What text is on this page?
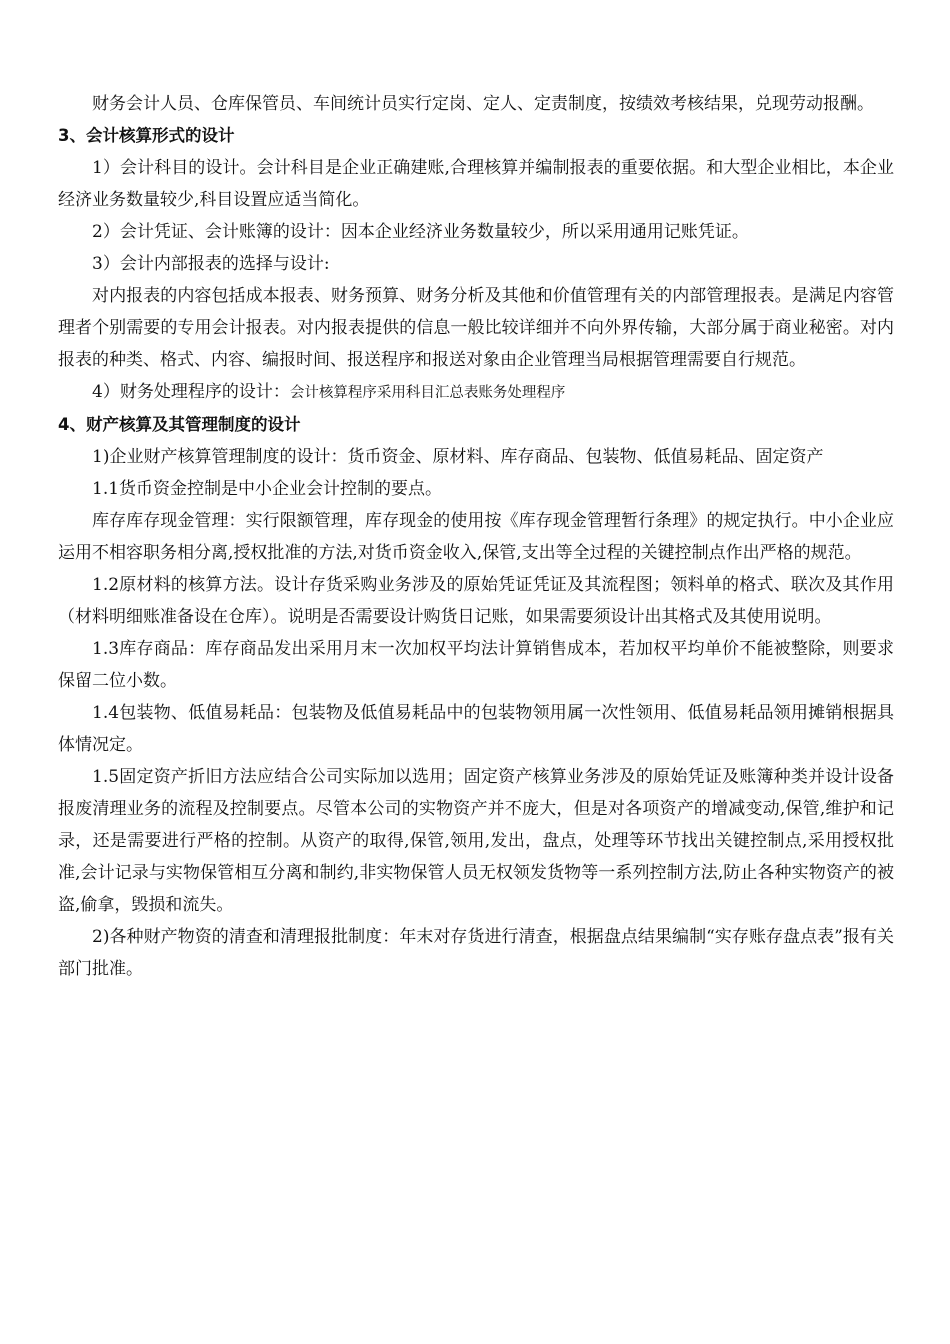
财务会计人员、仓库保管员、车间统计员实行定岗、定人、定责制度，按绩效考核结果，兑现劳动报酬。

3、会计核算形式的设计

1）会计科目的设计。会计科目是企业正确建账,合理核算并编制报表的重要依据。和大型企业相比，本企业经济业务数量较少,科目设置应适当简化。

2）会计凭证、会计账簿的设计：因本企业经济业务数量较少，所以采用通用记账凭证。

3）会计内部报表的选择与设计:

对内报表的内容包括成本报表、财务预算、财务分析及其他和价值管理有关的内部管理报表。是满足内容管理者个别需要的专用会计报表。对内报表提供的信息一般比较详细并不向外界传输，大部分属于商业秘密。对内报表的种类、格式、内容、编报时间、报送程序和报送对象由企业管理当局根据管理需要自行规范。

4）财务处理程序的设计：会计核算程序采用科目汇总表账务处理程序

4、财产核算及其管理制度的设计

1)企业财产核算管理制度的设计：货币资金、原材料、库存商品、包装物、低值易耗品、固定资产

1.1货币资金控制是中小企业会计控制的要点。

库存库存现金管理：实行限额管理，库存现金的使用按《库存现金管理暂行条理》的规定执行。中小企业应运用不相容职务相分离,授权批准的方法,对货币资金收入,保管,支出等全过程的关键控制点作出严格的规范。

1.2原材料的核算方法。设计存货采购业务涉及的原始凭证凭证及其流程图；领料单的格式、联次及其作用（材料明细账准备设在仓库）。说明是否需要设计购货日记账，如果需要须设计出其格式及其使用说明。

1.3库存商品：库存商品发出采用月末一次加权平均法计算销售成本，若加权平均单价不能被整除，则要求保留二位小数。

1.4包装物、低值易耗品：包装物及低值易耗品中的包装物领用属一次性领用、低值易耗品领用摊销根据具体情况定。

1.5固定资产折旧方法应结合公司实际加以选用；固定资产核算业务涉及的原始凭证及账簿种类并设计设备报废清理业务的流程及控制要点。尽管本公司的实物资产并不庞大，但是对各项资产的增减变动,保管,维护和记录，还是需要进行严格的控制。从资产的取得,保管,领用,发出，盘点，处理等环节找出关键控制点,采用授权批准,会计记录与实物保管相互分离和制约,非实物保管人员无权领发货物等一系列控制方法,防止各种实物资产的被盗,偷拿，毁损和流失。

2)各种财产物资的清查和清理报批制度：年末对存货进行清查，根据盘点结果编制“实存账存盘点表”报有关部门批准。
